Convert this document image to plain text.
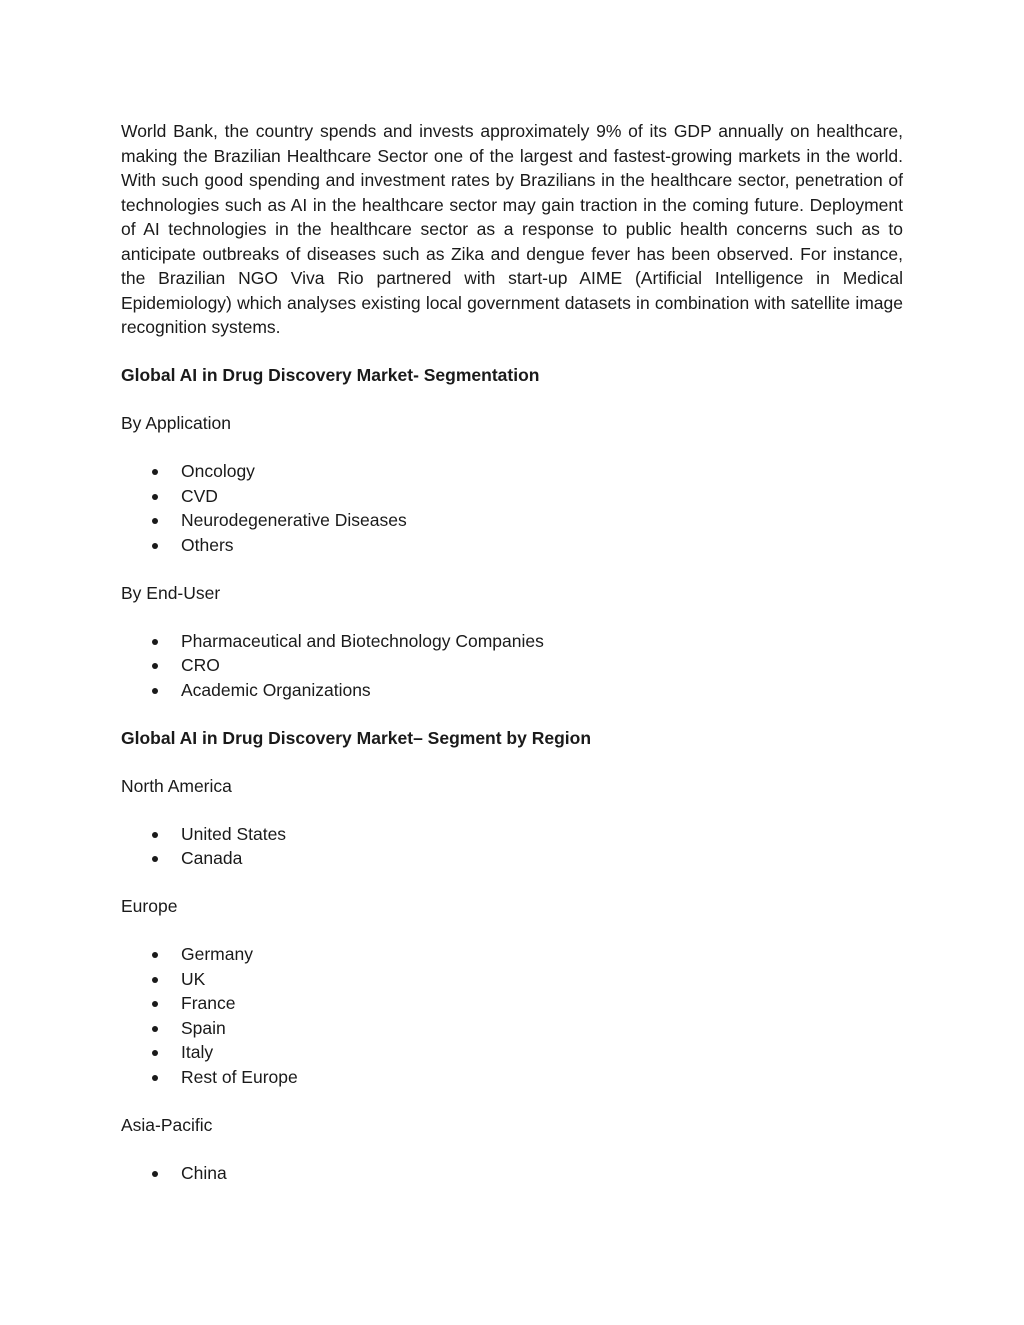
World Bank, the country spends and invests approximately 9% of its GDP annually on healthcare, making the Brazilian Healthcare Sector one of the largest and fastest-growing markets in the world. With such good spending and investment rates by Brazilians in the healthcare sector, penetration of technologies such as AI in the healthcare sector may gain traction in the coming future. Deployment of AI technologies in the healthcare sector as a response to public health concerns such as to anticipate outbreaks of diseases such as Zika and dengue fever has been observed. For instance, the Brazilian NGO Viva Rio partnered with start-up AIME (Artificial Intelligence in Medical Epidemiology) which analyses existing local government datasets in combination with satellite image recognition systems.

Global AI in Drug Discovery Market- Segmentation

By Application

Oncology
CVD
Neurodegenerative Diseases
Others

By End-User

Pharmaceutical and Biotechnology Companies
CRO
Academic Organizations

Global AI in Drug Discovery Market– Segment by Region

North America

United States
Canada

Europe

Germany
UK
France
Spain
Italy
Rest of Europe

Asia-Pacific

China
